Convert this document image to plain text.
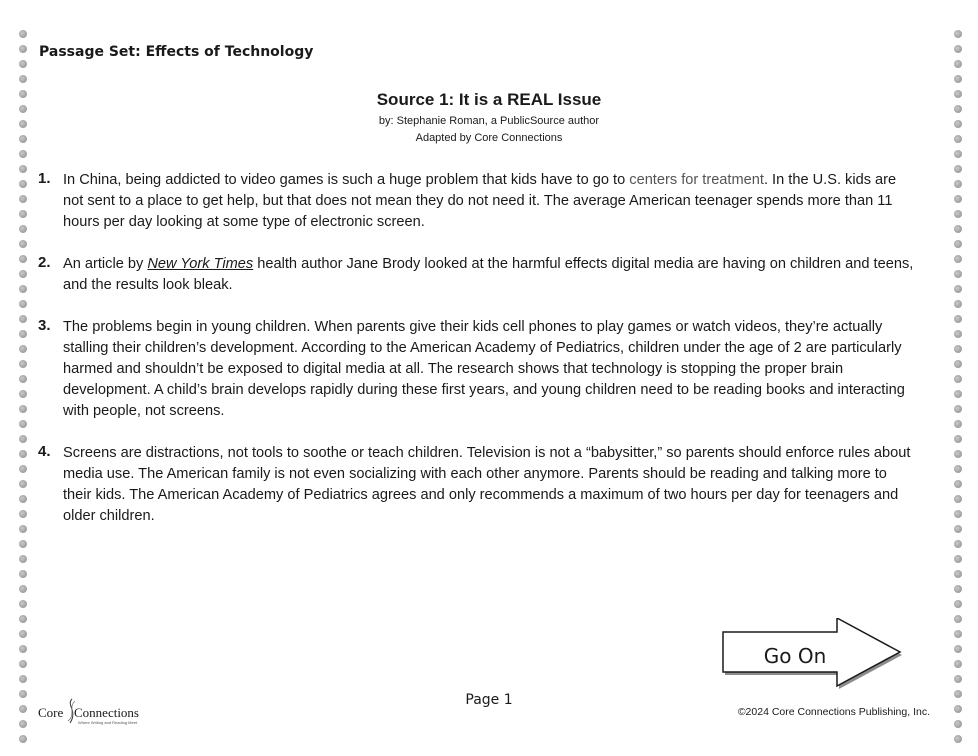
Passage Set: Effects of Technology
Source 1: It is a REAL Issue
by: Stephanie Roman, a PublicSource author
Adapted by Core Connections
1. In China, being addicted to video games is such a huge problem that kids have to go to centers for treatment. In the U.S. kids are not sent to a place to get help, but that does not mean they do not need it. The average American teenager spends more than 11 hours per day looking at some type of electronic screen.
2. An article by New York Times health author Jane Brody looked at the harmful effects digital media are having on children and teens, and the results look bleak.
3. The problems begin in young children. When parents give their kids cell phones to play games or watch videos, they’re actually stalling their children’s development. According to the American Academy of Pediatrics, children under the age of 2 are particularly harmed and shouldn’t be exposed to digital media at all. The research shows that technology is stopping the proper brain development. A child’s brain develops rapidly during these first years, and young children need to be reading books and interacting with people, not screens.
4. Screens are distractions, not tools to soothe or teach children. Television is not a “babysitter,” so parents should enforce rules about media use. The American family is not even socializing with each other anymore. Parents should be reading and talking more to their kids. The American Academy of Pediatrics agrees and only recommends a maximum of two hours per day for teenagers and older children.
Go On
Page 1
Core Connections
Where Writing and Reading Meet
©2024 Core Connections Publishing, Inc.
